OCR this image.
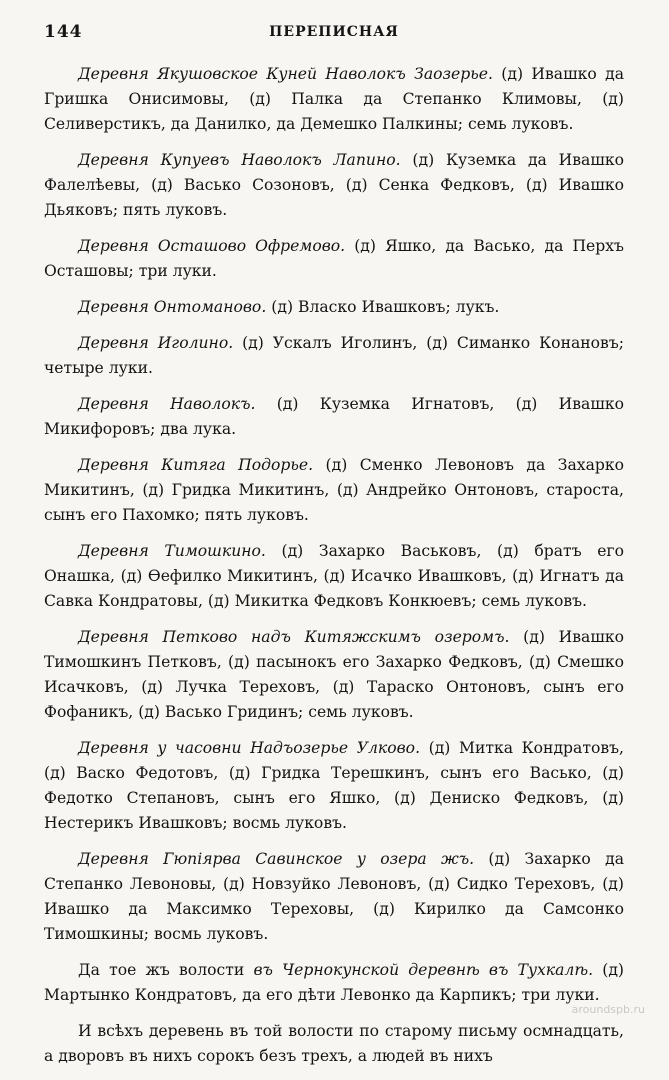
144	ПЕРЕПИСНАЯ

Деревня Якушовское Куней Наволокъ Заозерье. (д) Ивашко да Гришка Онисимовы, (д) Палка да Степанко Климовы, (д) Селиверстикъ, да Данилко, да Демешко Палкины; семь луковъ.

Деревня Купуевъ Наволокъ Лапино. (д) Куземка да Ивашко Фалелѣевы, (д) Васько Созоновъ, (д) Сенка Федковъ, (д) Ивашко Дьяковъ; пять луковъ.

Деревня Осташово Офремово. (д) Яшко, да Васько, да Перхъ Осташовы; три луки.

Деревня Онтоманово. (д) Власко Ивашковъ; лукъ.

Деревня Иголино. (д) Ускалъ Иголинъ, (д) Симанко Конановъ; четыре луки.

Деревня Наволокъ. (д) Куземка Игнатовъ, (д) Ивашко Микифоровъ; два лука.

Деревня Китяга Подорье. (д) Сменко Левоновъ да Захарко Микитинъ, (д) Гридка Микитинъ, (д) Андрейко Онтоновъ, староста, сынъ его Пахомко; пять луковъ.

Деревня Тимошкино. (д) Захарко Васьковъ, (д) братъ его Онашка, (д) Ѳефилко Микитинъ, (д) Исачко Ивашковъ, (д) Игнатъ да Савка Кондратовы, (д) Микитка Федковъ Конкюевъ; семь луковъ.

Деревня Петково надъ Китяжскимъ озеромъ. (д) Ивашко Тимошкинъ Петковъ, (д) пасынокъ его Захарко Федковъ, (д) Смешко Исачковъ, (д) Лучка Тереховъ, (д) Тараско Онтоновъ, сынъ его Фофаникъ, (д) Васько Гридинъ; семь луковъ.

Деревня у часовни Надъозерье Улково. (д) Митка Кондратовъ, (д) Васко Федотовъ, (д) Гридка Терешкинъ, сынъ его Васько, (д) Федотко Степановъ, сынъ его Яшко, (д) Дениско Федковъ, (д) Нестерикъ Ивашковъ; восмь луковъ.

Деревня Гюпiярва Савинское у озера жъ. (д) Захарко да Степанко Левоновы, (д) Новзуйко Левоновъ, (д) Сидко Тереховъ, (д) Ивашко да Максимко Тереховы, (д) Кирилко да Самсонко Тимошкины; восмь луковъ.

Да тое жъ волости въ Чернокунской деревнѣ въ Тухкалѣ. (д) Мартынко Кондратовъ, да его дѣти Левонко да Карпикъ; три луки.

И всѣхъ деревень въ той волости по старому письму осмнадцать, а дворовъ въ нихъ сорокъ безъ трехъ, а людей въ нихъ

aroundspb.ru
